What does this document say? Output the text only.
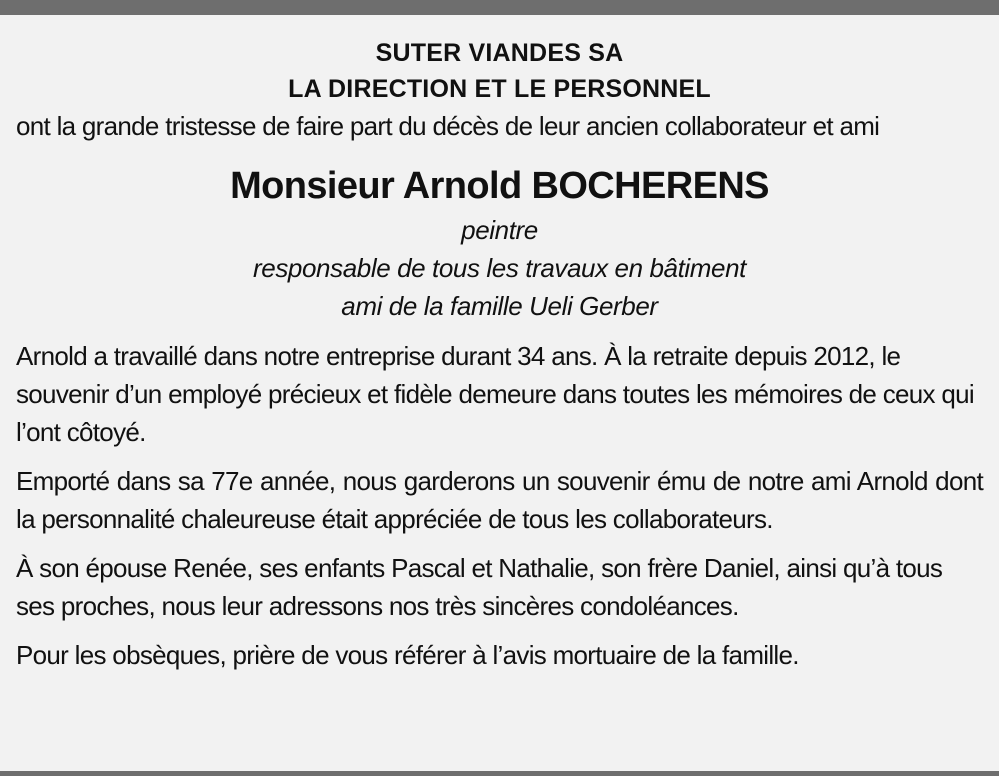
SUTER VIANDES SA
LA DIRECTION ET LE PERSONNEL
ont la grande tristesse de faire part du décès de leur ancien collaborateur et ami
Monsieur Arnold BOCHERENS
peintre
responsable de tous les travaux en bâtiment
ami de la famille Ueli Gerber
Arnold a travaillé dans notre entreprise durant 34 ans. À la retraite depuis 2012, le souvenir d’un employé précieux et fidèle demeure dans toutes les mémoires de ceux qui l’ont côtoyé.
Emporté dans sa 77e année, nous garderons un souvenir ému de notre ami Arnold dont la personnalité chaleureuse était appréciée de tous les collaborateurs.
À son épouse Renée, ses enfants Pascal et Nathalie, son frère Daniel, ainsi qu’à tous ses proches, nous leur adressons nos très sincères condoléances.
Pour les obsèques, prière de vous référer à l’avis mortuaire de la famille.
